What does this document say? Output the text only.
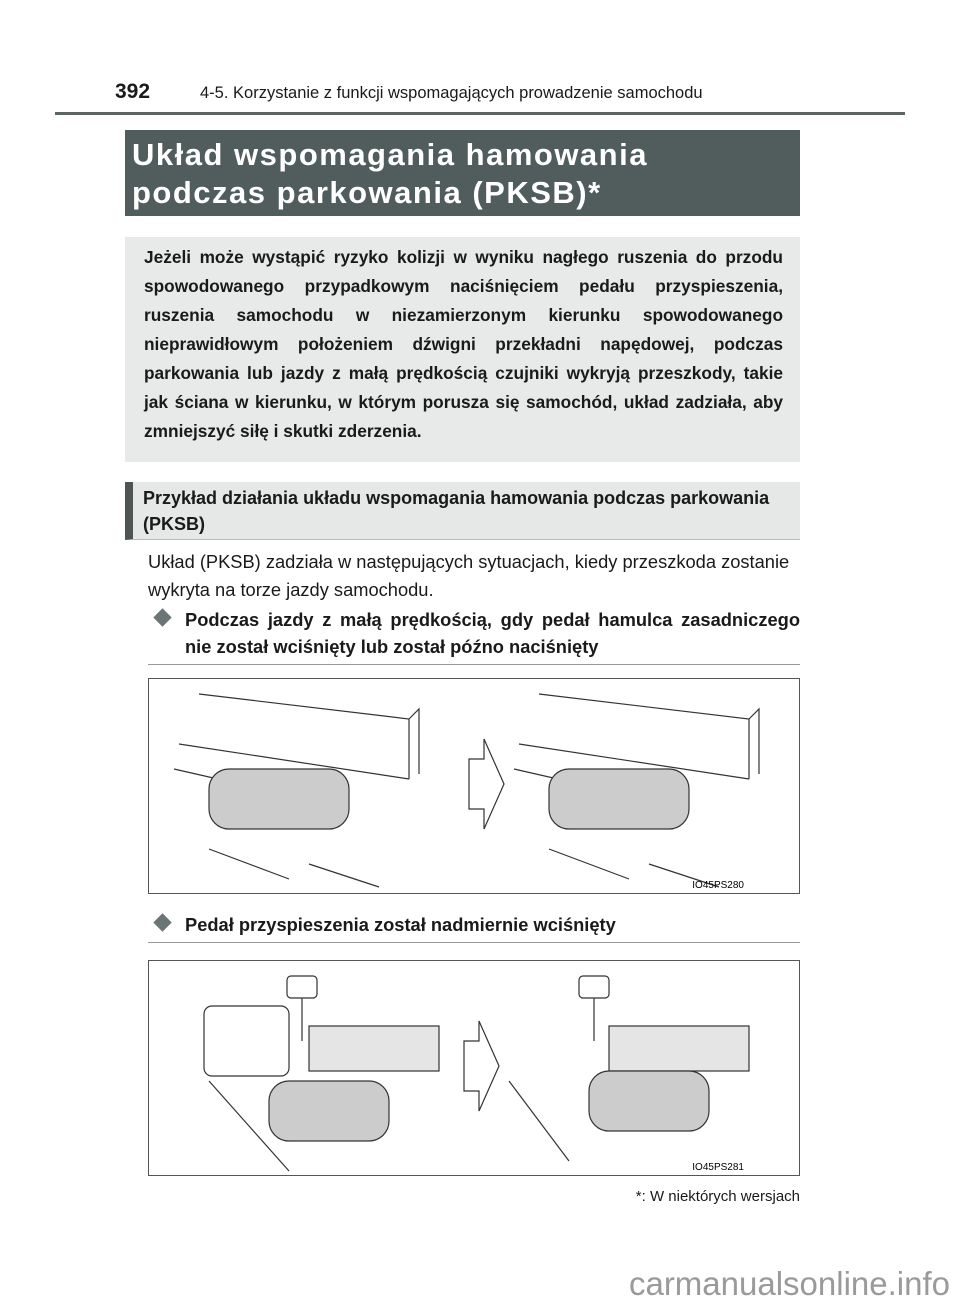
392	4-5. Korzystanie z funkcji wspomagających prowadzenie samochodu
Układ wspomagania hamowania
podczas parkowania (PKSB)*
Jeżeli może wystąpić ryzyko kolizji w wyniku nagłego ruszenia do przodu spowodowanego przypadkowym naciśnięciem pedału przyspieszenia, ruszenia samochodu w niezamierzonym kierunku spowodowanego nieprawidłowym położeniem dźwigni przekładni napędowej, podczas parkowania lub jazdy z małą prędkością czujniki wykryją przeszkody, takie jak ściana w kierunku, w którym porusza się samochód, układ zadziała, aby zmniejszyć siłę i skutki zderzenia.
Przykład działania układu wspomagania hamowania podczas parkowania (PKSB)
Układ (PKSB) zadziała w następujących sytuacjach, kiedy przeszkoda zostanie wykryta na torze jazdy samochodu.
Podczas jazdy z małą prędkością, gdy pedał hamulca zasadniczego nie został wciśnięty lub został późno naciśnięty
IO45PS280
Pedał przyspieszenia został nadmiernie wciśnięty
IO45PS281
*: W niektórych wersjach
carmanualsonline.info
